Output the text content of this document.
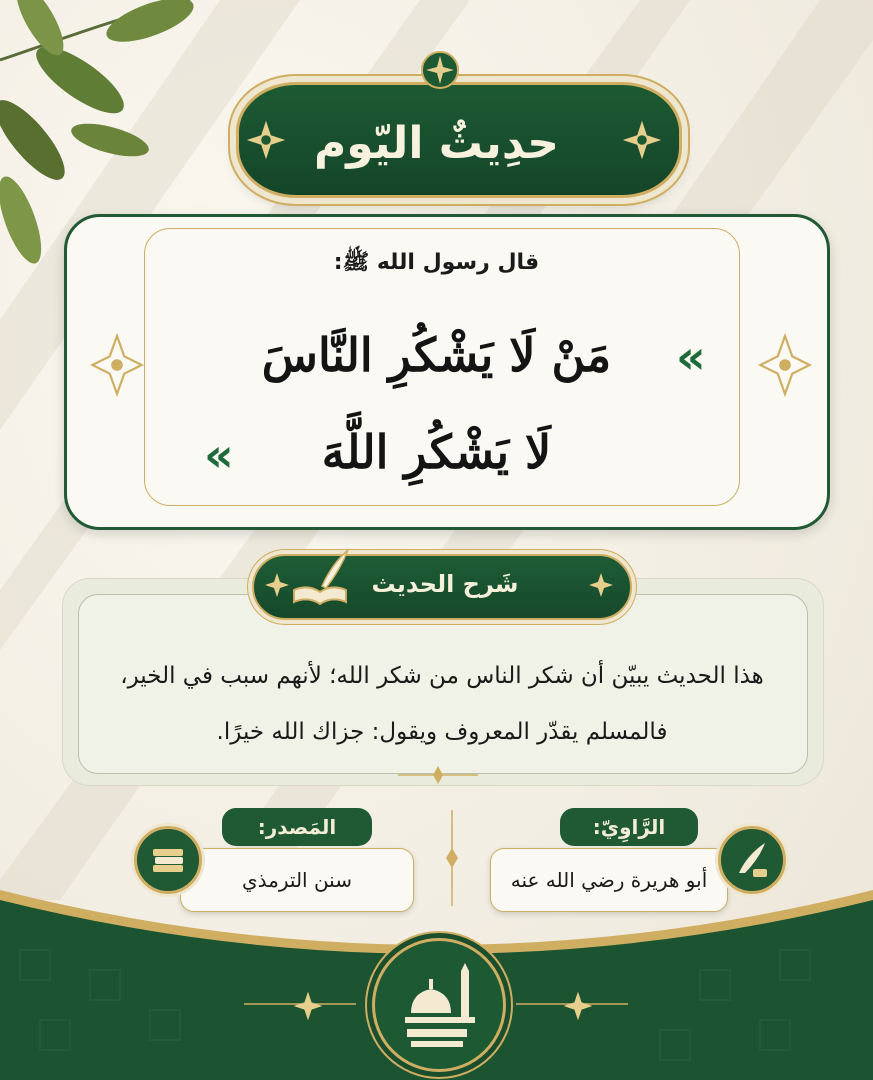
حدِيثٌ اليّوم
قال رسول الله ﷺ:
مَنْ لَا يَشْكُرِ النَّاسَ
لَا يَشْكُرِ اللَّهَ
«
«
شَرح الحديث
هذا الحديث يبيّن أن شكر الناس من شكر الله؛ لأنهم سبب في الخير، فالمسلم يقدّر المعروف ويقول: جزاك الله خيرًا.
المَصدر:
سنن الترمذي
الرَّاوِيّ:
أبو هريرة رضي الله عنه
